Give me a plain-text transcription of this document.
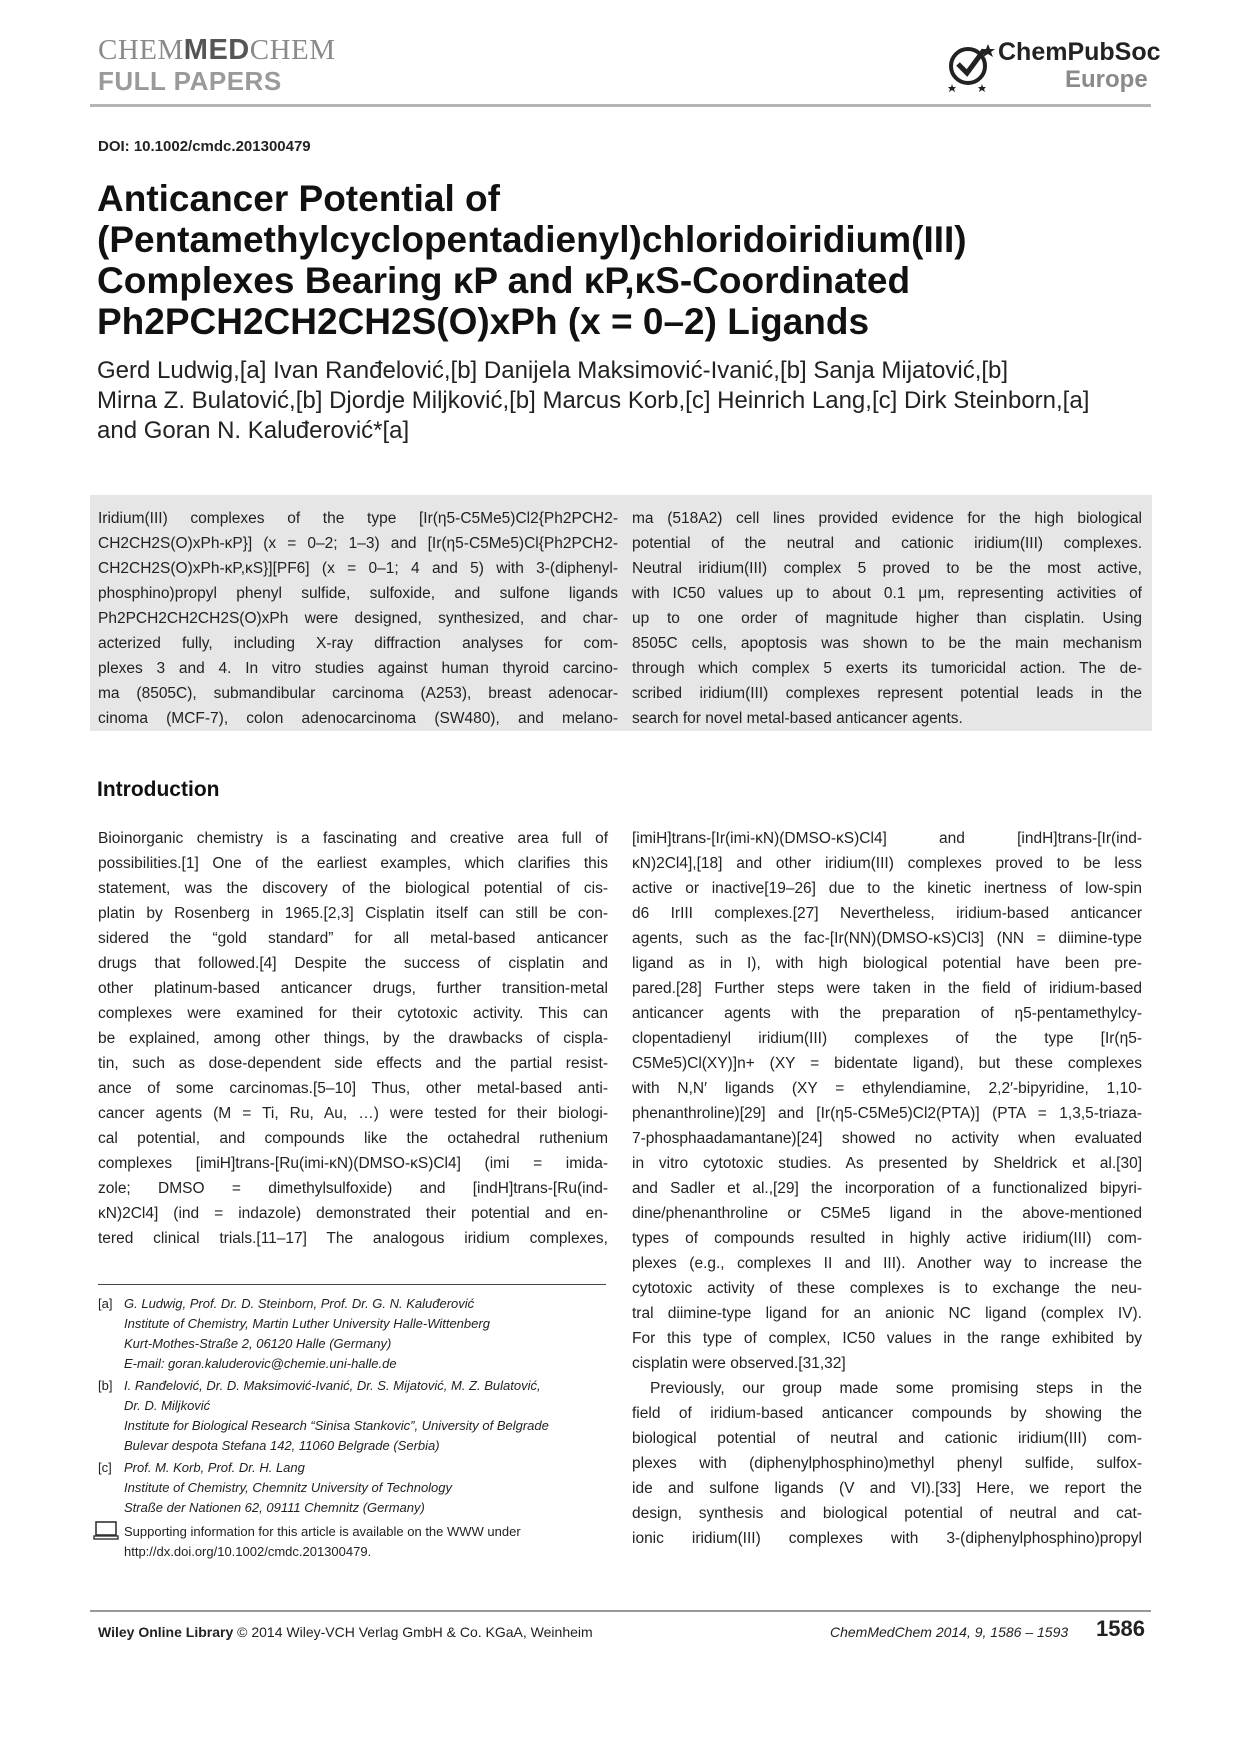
CHEMMEDCHEM
FULL PAPERS
ChemPubSoc
Europe
DOI: 10.1002/cmdc.201300479
Anticancer Potential of
(Pentamethylcyclopentadienyl)chloridoiridium(III)
Complexes Bearing κP and κP,κS-Coordinated
Ph2PCH2CH2CH2S(O)xPh (x = 0–2) Ligands
Gerd Ludwig,[a] Ivan Ranđelović,[b] Danijela Maksimović-Ivanić,[b] Sanja Mijatović,[b]
Mirna Z. Bulatović,[b] Djordje Miljković,[b] Marcus Korb,[c] Heinrich Lang,[c] Dirk Steinborn,[a]
and Goran N. Kaluđerović*[a]
Iridium(III) complexes of the type [Ir(η5-C5Me5)Cl2{Ph2PCH2-
CH2CH2S(O)xPh-κP}] (x = 0–2; 1–3) and [Ir(η5-C5Me5)Cl{Ph2PCH2-
CH2CH2S(O)xPh-κP,κS}][PF6] (x = 0–1; 4 and 5) with 3-(diphenyl-
phosphino)propyl phenyl sulfide, sulfoxide, and sulfone ligands
Ph2PCH2CH2CH2S(O)xPh were designed, synthesized, and char-
acterized fully, including X-ray diffraction analyses for com-
plexes 3 and 4. In vitro studies against human thyroid carcino-
ma (8505C), submandibular carcinoma (A253), breast adenocar-
cinoma (MCF-7), colon adenocarcinoma (SW480), and melano-
ma (518A2) cell lines provided evidence for the high biological
potential of the neutral and cationic iridium(III) complexes.
Neutral iridium(III) complex 5 proved to be the most active,
with IC50 values up to about 0.1 μm, representing activities of
up to one order of magnitude higher than cisplatin. Using
8505C cells, apoptosis was shown to be the main mechanism
through which complex 5 exerts its tumoricidal action. The de-
scribed iridium(III) complexes represent potential leads in the
search for novel metal-based anticancer agents.
Introduction
Bioinorganic chemistry is a fascinating and creative area full of
possibilities.[1] One of the earliest examples, which clarifies this
statement, was the discovery of the biological potential of cis-
platin by Rosenberg in 1965.[2,3] Cisplatin itself can still be con-
sidered the “gold standard” for all metal-based anticancer
drugs that followed.[4] Despite the success of cisplatin and
other platinum-based anticancer drugs, further transition-metal
complexes were examined for their cytotoxic activity. This can
be explained, among other things, by the drawbacks of cispla-
tin, such as dose-dependent side effects and the partial resist-
ance of some carcinomas.[5–10] Thus, other metal-based anti-
cancer agents (M = Ti, Ru, Au, …) were tested for their biologi-
cal potential, and compounds like the octahedral ruthenium
complexes [imiH]trans-[Ru(imi-κN)(DMSO-κS)Cl4] (imi = imida-
zole; DMSO = dimethylsulfoxide) and [indH]trans-[Ru(ind-
κN)2Cl4] (ind = indazole) demonstrated their potential and en-
tered clinical trials.[11–17] The analogous iridium complexes,
[imiH]trans-[Ir(imi-κN)(DMSO-κS)Cl4] and [indH]trans-[Ir(ind-
κN)2Cl4],[18] and other iridium(III) complexes proved to be less
active or inactive[19–26] due to the kinetic inertness of low-spin
d6 IrIII complexes.[27] Nevertheless, iridium-based anticancer
agents, such as the fac-[Ir(NN)(DMSO-κS)Cl3] (NN = diimine-type
ligand as in I), with high biological potential have been pre-
pared.[28] Further steps were taken in the field of iridium-based
anticancer agents with the preparation of η5-pentamethylcy-
clopentadienyl iridium(III) complexes of the type [Ir(η5-
C5Me5)Cl(XY)]n+ (XY = bidentate ligand), but these complexes
with N,N′ ligands (XY = ethylendiamine, 2,2′-bipyridine, 1,10-
phenanthroline)[29] and [Ir(η5-C5Me5)Cl2(PTA)] (PTA = 1,3,5-triaza-
7-phosphaadamantane)[24] showed no activity when evaluated
in vitro cytotoxic studies. As presented by Sheldrick et al.[30]
and Sadler et al.,[29] the incorporation of a functionalized bipyri-
dine/phenanthroline or C5Me5 ligand in the above-mentioned
types of compounds resulted in highly active iridium(III) com-
plexes (e.g., complexes II and III). Another way to increase the
cytotoxic activity of these complexes is to exchange the neu-
tral diimine-type ligand for an anionic NC ligand (complex IV).
For this type of complex, IC50 values in the range exhibited by
cisplatin were observed.[31,32]
Previously, our group made some promising steps in the
field of iridium-based anticancer compounds by showing the
biological potential of neutral and cationic iridium(III) com-
plexes with (diphenylphosphino)methyl phenyl sulfide, sulfox-
ide and sulfone ligands (V and VI).[33] Here, we report the
design, synthesis and biological potential of neutral and cat-
ionic iridium(III) complexes with 3-(diphenylphosphino)propyl
[a] G. Ludwig, Prof. Dr. D. Steinborn, Prof. Dr. G. N. Kaluđerović
Institute of Chemistry, Martin Luther University Halle-Wittenberg
Kurt-Mothes-Straße 2, 06120 Halle (Germany)
E-mail: goran.kaluderovic@chemie.uni-halle.de
[b] I. Ranđelović, Dr. D. Maksimović-Ivanić, Dr. S. Mijatović, M. Z. Bulatović,
Dr. D. Miljković
Institute for Biological Research “Sinisa Stankovic”, University of Belgrade
Bulevar despota Stefana 142, 11060 Belgrade (Serbia)
[c] Prof. M. Korb, Prof. Dr. H. Lang
Institute of Chemistry, Chemnitz University of Technology
Straße der Nationen 62, 09111 Chemnitz (Germany)
Supporting information for this article is available on the WWW under
http://dx.doi.org/10.1002/cmdc.201300479.
Wiley Online Library © 2014 Wiley-VCH Verlag GmbH & Co. KGaA, Weinheim	ChemMedChem 2014, 9, 1586 – 1593 1586
